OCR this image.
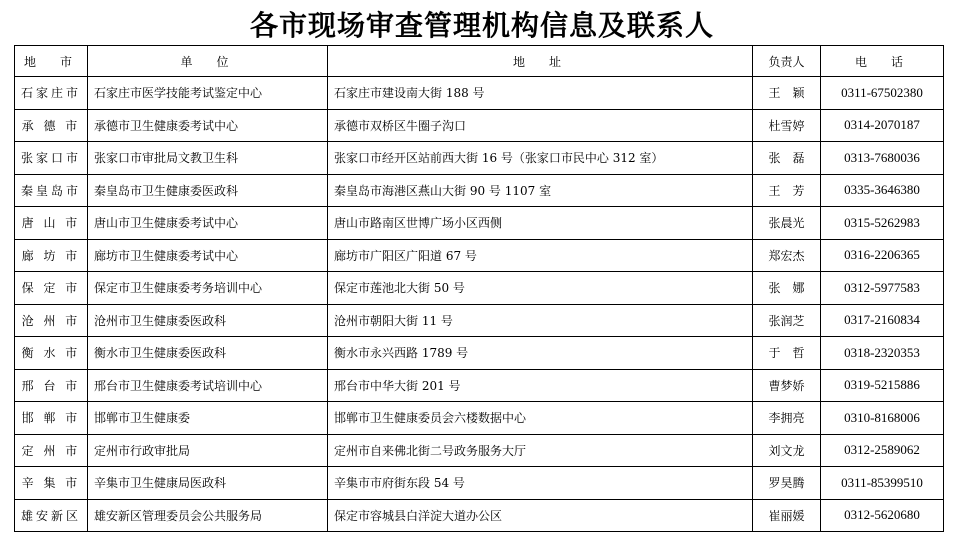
各市现场审查管理机构信息及联系人
地　市	单　位	地　址	负责人	电　话
石家庄市	石家庄市医学技能考试鉴定中心	石家庄市建设南大街 188 号	王　颖	0311-67502380
承 德 市	承德市卫生健康委考试中心	承德市双桥区牛圈子沟口	杜雪婷	0314-2070187
张家口市	张家口市审批局文教卫生科	张家口市经开区站前西大街 16 号（张家口市民中心 312 室）	张　磊	0313-7680036
秦皇岛市	秦皇岛市卫生健康委医政科	秦皇岛市海港区燕山大街 90 号 1107 室	王　芳	0335-3646380
唐 山 市	唐山市卫生健康委考试中心	唐山市路南区世博广场小区西侧	张晨光	0315-5262983
廊 坊 市	廊坊市卫生健康委考试中心	廊坊市广阳区广阳道 67 号	郑宏杰	0316-2206365
保 定 市	保定市卫生健康委考务培训中心	保定市莲池北大街 50 号	张　娜	0312-5977583
沧 州 市	沧州市卫生健康委医政科	沧州市朝阳大街 11 号	张润芝	0317-2160834
衡 水 市	衡水市卫生健康委医政科	衡水市永兴西路 1789 号	于　哲	0318-2320353
邢 台 市	邢台市卫生健康委考试培训中心	邢台市中华大街 201 号	曹梦娇	0319-5215886
邯 郸 市	邯郸市卫生健康委	邯郸市卫生健康委员会六楼数据中心	李拥亮	0310-8168006
定 州 市	定州市行政审批局	定州市自来佛北街二号政务服务大厅	刘文龙	0312-2589062
辛 集 市	辛集市卫生健康局医政科	辛集市市府街东段 54 号	罗昊腾	0311-85399510
雄安新区	雄安新区管理委员会公共服务局	保定市容城县白洋淀大道办公区	崔丽媛	0312-5620680
